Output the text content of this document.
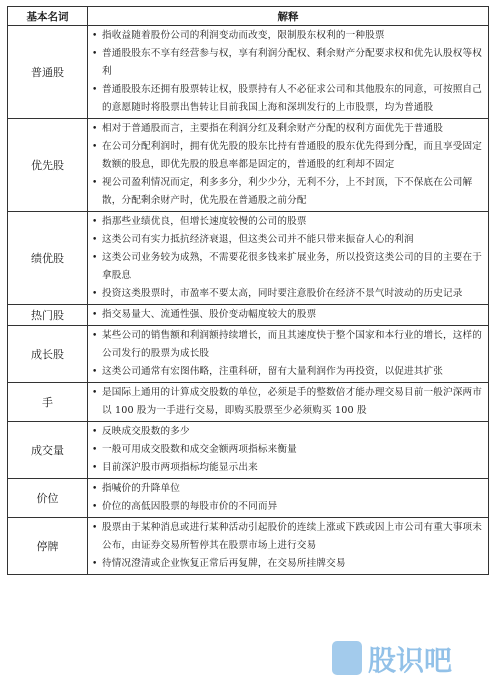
基本名词	解释
普通股	• 指收益随着股份公司的利润变动而改变，限制股东权利的一种股票
• 普通股股东不享有经营参与权，享有利润分配权、剩余财产分配要求权和优先认股权等权利
• 普通股股东还拥有股票转让权，股票持有人不必征求公司和其他股东的同意，可按照自己的意愿随时将股票出售转让目前我国上海和深圳发行的上市股票，均为普通股

优先股	• 相对于普通股而言，主要指在利润分红及剩余财产分配的权利方面优先于普通股
• 在公司分配利润时，拥有优先股的股东比持有普通股的股东优先得到分配，而且享受固定数额的股息，即优先股的股息率都是固定的，普通股的红利却不固定
• 视公司盈利情况而定，利多多分，利少少分，无利不分，上不封顶，下不保底在公司解散，分配剩余财产时，优先股在普通股之前分配

绩优股	• 指那些业绩优良，但增长速度较慢的公司的股票
• 这类公司有实力抵抗经济衰退，但这类公司并不能只带来振奋人心的利润
• 这类公司业务较为成熟，不需要花很多钱来扩展业务，所以投资这类公司的目的主要在于拿股息
• 投资这类股票时，市盈率不要太高，同时要注意股价在经济不景气时波动的历史记录

热门股	• 指交易量大、流通性强、股价变动幅度较大的股票

成长股	• 某些公司的销售额和利润额持续增长，而且其速度快于整个国家和本行业的增长，这样的公司发行的股票为成长股
• 这类公司通常有宏图伟略，注重科研，留有大量利润作为再投资，以促进其扩张

手	• 是国际上通用的计算成交股数的单位，必须是手的整数倍才能办理交易目前一般沪深两市以 100 股为一手进行交易，即购买股票至少必须购买 100 股

成交量	• 反映成交股数的多少
• 一般可用成交股数和成交金额两项指标来衡量
• 目前深沪股市两项指标均能显示出来

价位	• 指喊价的升降单位
• 价位的高低因股票的每股市价的不同而异

停牌	• 股票由于某种消息或进行某种活动引起股价的连续上涨或下跌或因上市公司有重大事项未公布，由证券交易所暂停其在股票市场上进行交易
• 待情况澄清或企业恢复正常后再复牌，在交易所挂牌交易
股识吧
